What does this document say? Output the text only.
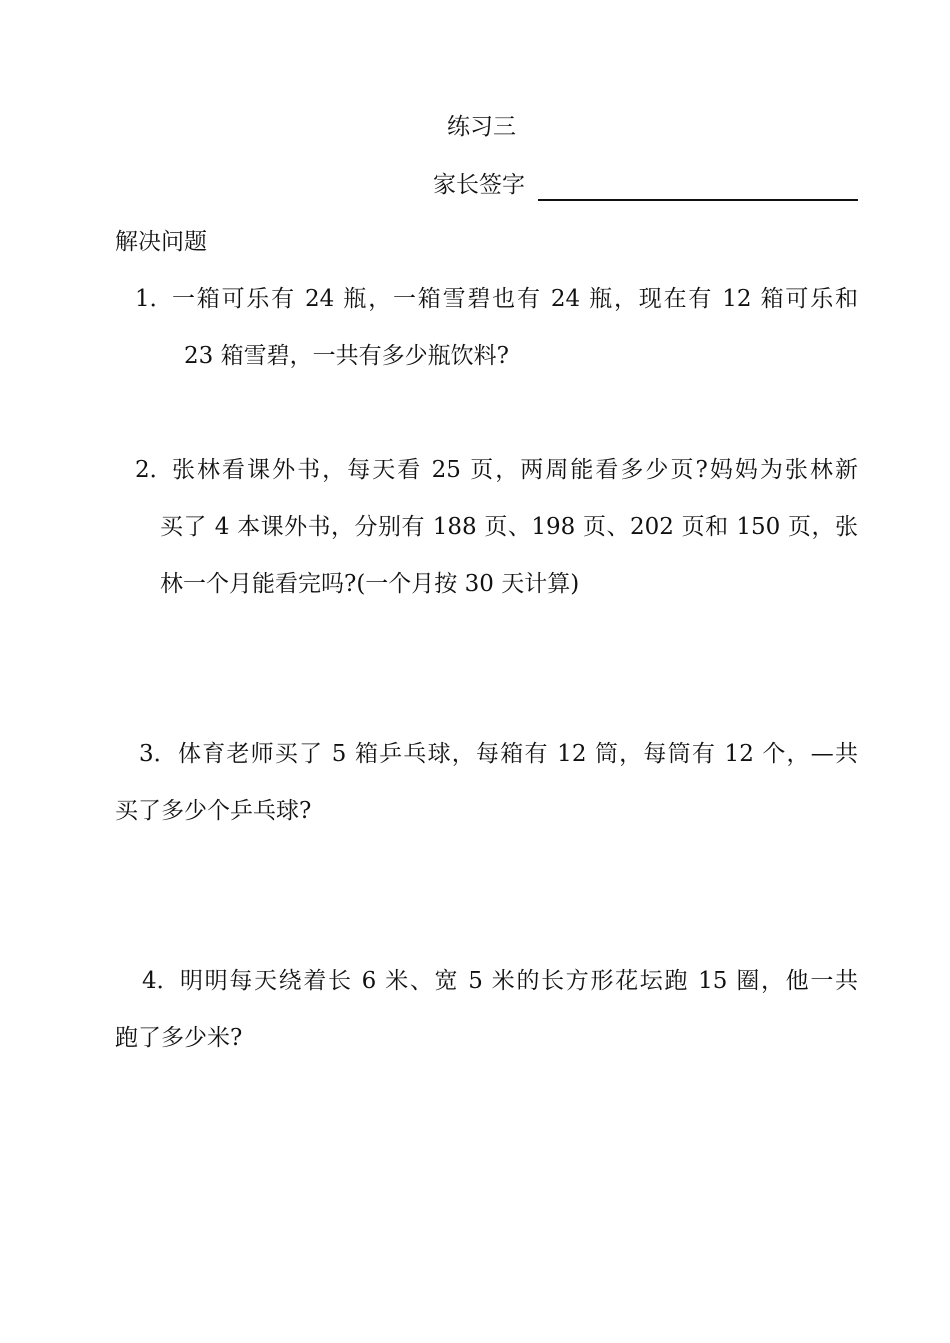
练习三
家长签字
解决问题
1． 一箱可乐有 24 瓶，一箱雪碧也有 24 瓶，现在有 12 箱可乐和
23 箱雪碧，一共有多少瓶饮料?
2． 张林看课外书，每天看 25 页，两周能看多少页?妈妈为张林新
买了 4 本课外书，分别有 188 页、198 页、202 页和 150 页，张
林一个月能看完吗?(一个月按 30 天计算)
3． 体育老师买了 5 箱乒乓球，每箱有 12 筒，每筒有 12 个，—共
买了多少个乒乓球?
4． 明明每天绕着长 6 米、宽 5 米的长方形花坛跑 15 圈，他一共
跑了多少米?
